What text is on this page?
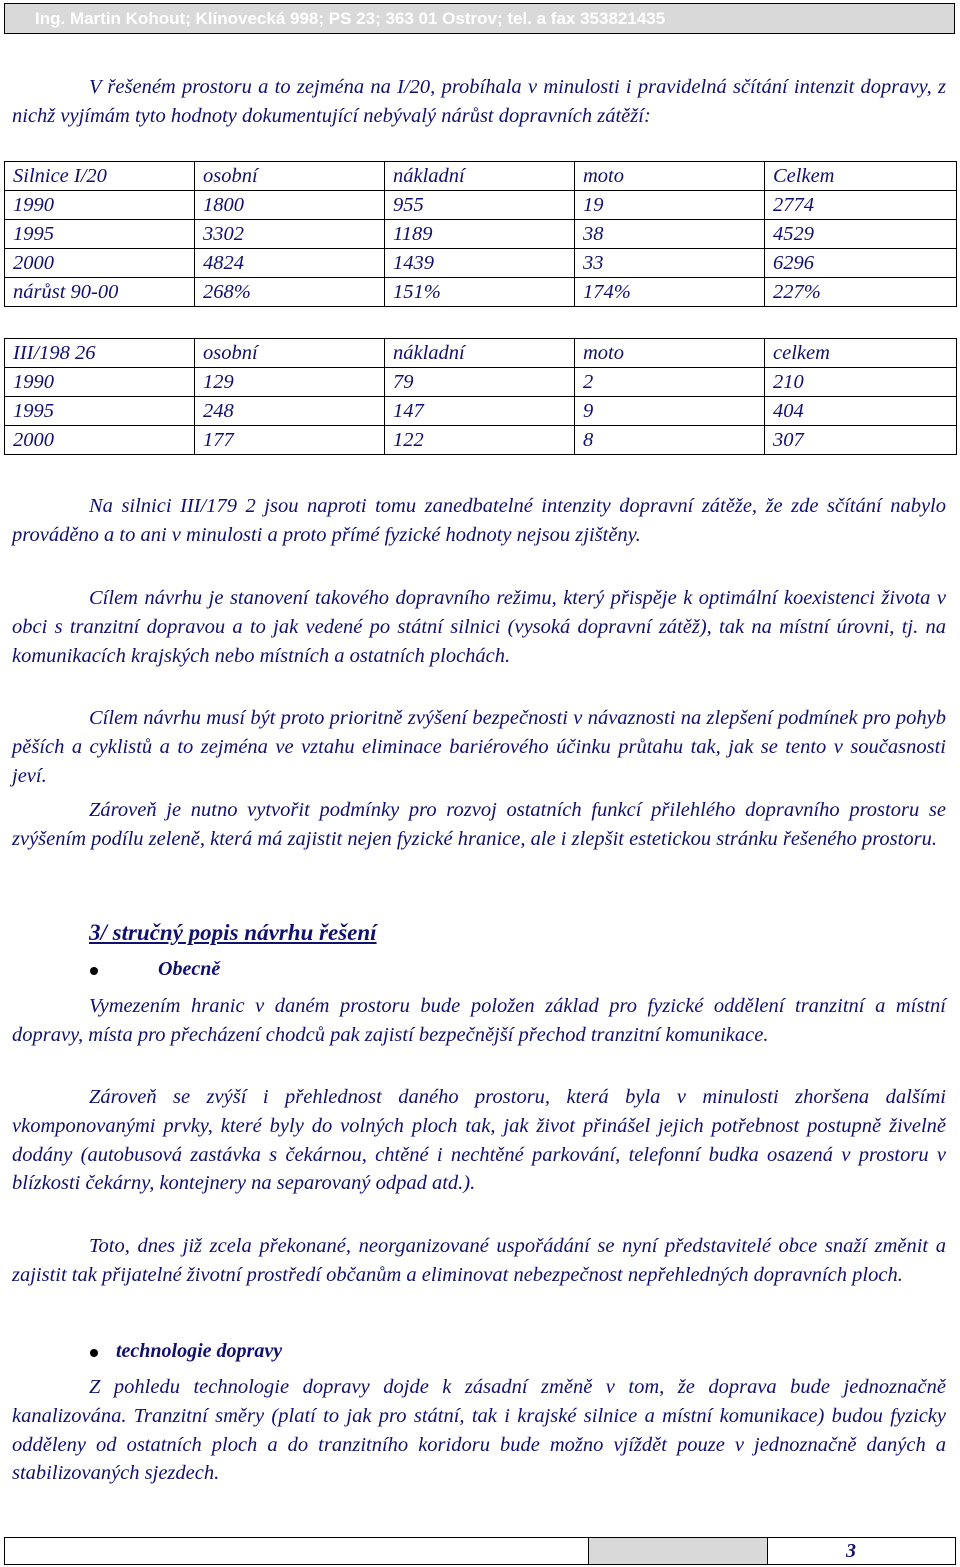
Ing. Martin Kohout; Klínovecká 998; PS 23; 363 01 Ostrov; tel. a fax 353821435

V řešeném prostoru a to zejména na I/20, probíhala v minulosti i pravidelná sčítání intenzit dopravy, z nichž vyjímám tyto hodnoty dokumentující nebývalý nárůst dopravních zátěží:

Silnice I/20	osobní	nákladní	moto	Celkem
1990	1800	955	19	2774
1995	3302	1189	38	4529
2000	4824	1439	33	6296
nárůst 90-00	268%	151%	174%	227%
III/198 26	osobní	nákladní	moto	celkem
1990	129	79	2	210
1995	248	147	9	404
2000	177	122	8	307

Na silnici III/179 2 jsou naproti tomu zanedbatelné intenzity dopravní zátěže, že zde sčítání nabylo prováděno a to ani v minulosti a proto přímé fyzické hodnoty nejsou zjištěny.

Cílem návrhu je stanovení takového dopravního režimu, který přispěje k optimální koexistenci života v obci s tranzitní dopravou a to jak vedené po státní silnici (vysoká dopravní zátěž), tak na místní úrovni, tj. na komunikacích krajských nebo místních a ostatních plochách.

Cílem návrhu musí být proto prioritně zvýšení bezpečnosti v návaznosti na zlepšení podmínek pro pohyb pěších a cyklistů a to zejména ve vztahu eliminace bariérového účinku průtahu tak, jak se tento v současnosti jeví.

Zároveň je nutno vytvořit podmínky pro rozvoj ostatních funkcí přilehlého dopravního prostoru se zvýšením podílu zeleně, která má zajistit nejen fyzické hranice, ale i zlepšit estetickou stránku řešeného prostoru.

3/ stručný popis návrhu řešení
Obecně

Vymezením hranic v daném prostoru bude položen základ pro fyzické oddělení tranzitní a místní dopravy, místa pro přecházení chodců pak zajistí bezpečnější přechod tranzitní komunikace.

Zároveň se zvýší i přehlednost daného prostoru, která byla v minulosti zhoršena dalšími vkomponovanými prvky, které byly do volných ploch tak, jak život přinášel jejich potřebnost postupně živelně dodány (autobusová zastávka s čekárnou, chtěné i nechtěné parkování, telefonní budka osazená v prostoru v blízkosti čekárny, kontejnery na separovaný odpad atd.).

Toto, dnes již zcela překonané, neorganizované uspořádání se nyní představitelé obce snaží změnit a zajistit tak přijatelné životní prostředí občanům a eliminovat nebezpečnost nepřehledných dopravních ploch.

technologie dopravy

Z pohledu technologie dopravy dojde k zásadní změně v tom, že doprava bude jednoznačně kanalizována. Tranzitní směry (platí to jak pro státní, tak i krajské silnice a místní komunikace) budou fyzicky odděleny od ostatních ploch a do tranzitního koridoru bude možno vjíždět pouze v jednoznačně daných a stabilizovaných sjezdech.

3
